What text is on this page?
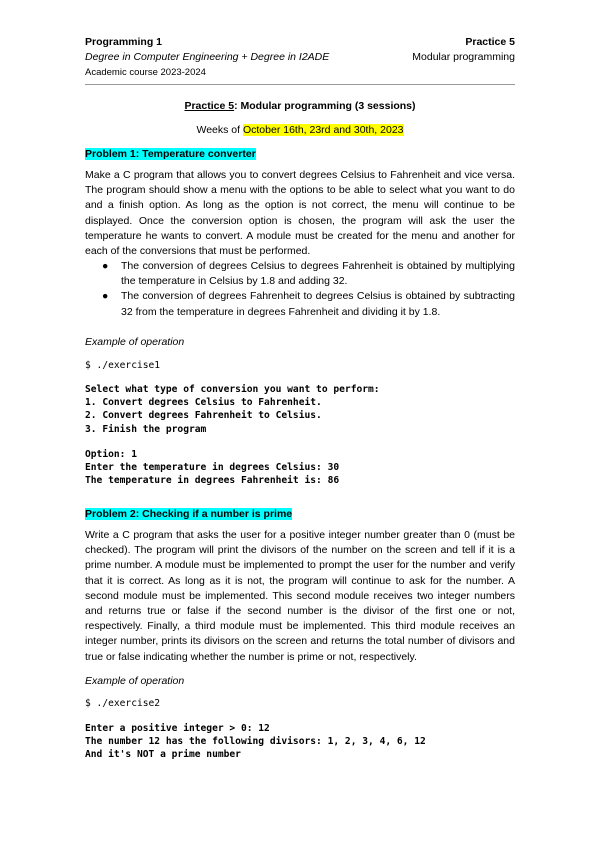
Programming 1	Practice 5
Degree in Computer Engineering + Degree in I2ADE	Modular programming
Academic course 2023-2024
Practice 5: Modular programming (3 sessions)
Weeks of October 16th, 23rd and 30th, 2023
Problem 1: Temperature converter
Make a C program that allows you to convert degrees Celsius to Fahrenheit and vice versa. The program should show a menu with the options to be able to select what you want to do and a finish option. As long as the option is not correct, the menu will continue to be displayed. Once the conversion option is chosen, the program will ask the user the temperature he wants to convert. A module must be created for the menu and another for each of the conversions that must be performed.
● The conversion of degrees Celsius to degrees Fahrenheit is obtained by multiplying the temperature in Celsius by 1.8 and adding 32.
● The conversion of degrees Fahrenheit to degrees Celsius is obtained by subtracting 32 from the temperature in degrees Fahrenheit and dividing it by 1.8.
Example of operation
$ ./exercise1
Select what type of conversion you want to perform:
1. Convert degrees Celsius to Fahrenheit.
2. Convert degrees Fahrenheit to Celsius.
3. Finish the program
Option: 1
Enter the temperature in degrees Celsius: 30
The temperature in degrees Fahrenheit is: 86
Problem 2: Checking if a number is prime
Write a C program that asks the user for a positive integer number greater than 0 (must be checked). The program will print the divisors of the number on the screen and tell if it is a prime number. A module must be implemented to prompt the user for the number and verify that it is correct. As long as it is not, the program will continue to ask for the number. A second module must be implemented. This second module receives two integer numbers and returns true or false if the second number is the divisor of the first one or not, respectively. Finally, a third module must be implemented. This third module receives an integer number, prints its divisors on the screen and returns the total number of divisors and true or false indicating whether the number is prime or not, respectively.
Example of operation
$ ./exercise2
Enter a positive integer > 0: 12
The number 12 has the following divisors: 1, 2, 3, 4, 6, 12
And it's NOT a prime number
